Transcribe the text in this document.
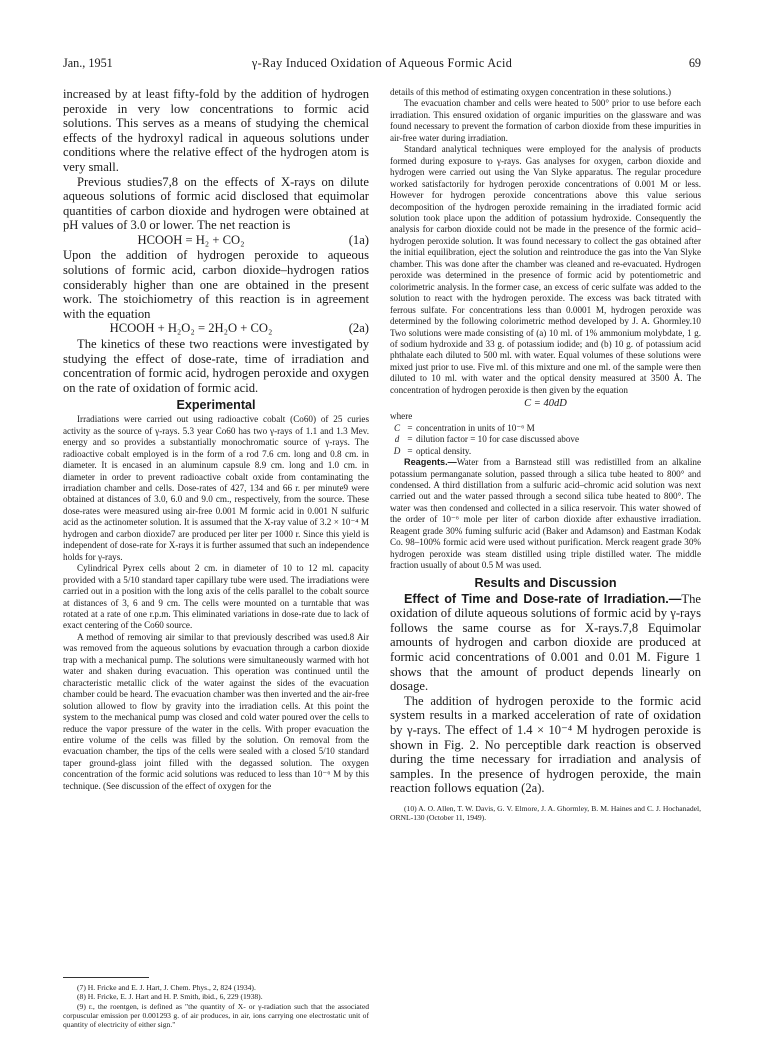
Jan., 1951	γ-Ray Induced Oxidation of Aqueous Formic Acid	69

increased by at least fifty-fold by the addition of hydrogen peroxide in very low concentrations to formic acid solutions. This serves as a means of studying the chemical effects of the hydroxyl radical in aqueous solutions under conditions where the relative effect of the hydrogen atom is very small.

Previous studies7,8 on the effects of X-rays on dilute aqueous solutions of formic acid disclosed that equimolar quantities of carbon dioxide and hydrogen were obtained at pH values of 3.0 or lower. The net reaction is

HCOOH = H₂ + CO₂	(1a)

Upon the addition of hydrogen peroxide to aqueous solutions of formic acid, carbon dioxide–hydrogen ratios considerably higher than one are obtained in the present work. The stoichiometry of this reaction is in agreement with the equation

HCOOH + H₂O₂ = 2H₂O + CO₂	(2a)

The kinetics of these two reactions were investigated by studying the effect of dose-rate, time of irradiation and concentration of formic acid, hydrogen peroxide and oxygen on the rate of oxidation of formic acid.

Experimental

Irradiations were carried out using radioactive cobalt (Co60) of 25 curies activity as the source of γ-rays. 5.3 year Co60 has two γ-rays of 1.1 and 1.3 Mev. energy and so provides a substantially monochromatic source of γ-rays. The radioactive cobalt employed is in the form of a rod 7.6 cm. long and 0.8 cm. in diameter. It is encased in an aluminum capsule 8.9 cm. long and 1.0 cm. in diameter in order to prevent radioactive cobalt oxide from contaminating the irradiation chamber and cells. Dose-rates of 427, 134 and 66 r. per minute9 were obtained at distances of 3.0, 6.0 and 9.0 cm., respectively, from the source. These dose-rates were measured using air-free 0.001 M formic acid in 0.001 N sulfuric acid as the actinometer solution. It is assumed that the X-ray value of 3.2 × 10⁻⁴ M hydrogen and carbon dioxide7 are produced per liter per 1000 r. Since this yield is independent of dose-rate for X-rays it is further assumed that such an independence holds for γ-rays.

Cylindrical Pyrex cells about 2 cm. in diameter of 10 to 12 ml. capacity provided with a 5/10 standard taper capillary tube were used. The irradiations were carried out in a position with the long axis of the cells parallel to the cobalt source at distances of 3, 6 and 9 cm. The cells were mounted on a turntable that was rotated at a rate of one r.p.m. This eliminated variations in dose-rate due to lack of exact centering of the Co60 source.

A method of removing air similar to that previously described was used.8 Air was removed from the aqueous solutions by evacuation through a carbon dioxide trap with a mechanical pump. The solutions were simultaneously warmed with hot water and shaken during evacuation. This operation was continued until the characteristic metallic click of the water against the sides of the evacuation chamber could be heard. The evacuation chamber was then inverted and the air-free solution allowed to flow by gravity into the irradiation cells. At this point the system to the mechanical pump was closed and cold water poured over the cells to reduce the vapor pressure of the water in the cells. With proper evacuation the entire volume of the cells was filled by the solution. On removal from the evacuation chamber, the tips of the cells were sealed with a closed 5/10 standard taper ground-glass joint filled with the degassed solution. The oxygen concentration of the formic acid solutions was reduced to less than 10⁻⁶ M by this technique. (See discussion of the effect of oxygen for the

(7) H. Fricke and E. J. Hart, J. Chem. Phys., 2, 824 (1934).

(8) H. Fricke, E. J. Hart and H. P. Smith, ibid., 6, 229 (1938).

(9) r., the roentgen, is defined as "the quantity of X- or γ-radiation such that the associated corpuscular emission per 0.001293 g. of air produces, in air, ions carrying one electrostatic unit of quantity of electricity of either sign."

details of this method of estimating oxygen concentration in these solutions.)

The evacuation chamber and cells were heated to 500° prior to use before each irradiation. This ensured oxidation of organic impurities on the glassware and was found necessary to prevent the formation of carbon dioxide from these impurities in air-free water during irradiation.

Standard analytical techniques were employed for the analysis of products formed during exposure to γ-rays. Gas analyses for oxygen, carbon dioxide and hydrogen were carried out using the Van Slyke apparatus. The regular procedure worked satisfactorily for hydrogen peroxide concentrations of 0.001 M or less. However for hydrogen peroxide concentrations above this value serious decomposition of the hydrogen peroxide remaining in the irradiated formic acid solution took place upon the addition of potassium hydroxide. Consequently the analysis for carbon dioxide could not be made in the presence of the formic acid–hydrogen peroxide solution. It was found necessary to collect the gas obtained after the initial equilibration, eject the solution and reintroduce the gas into the Van Slyke chamber. This was done after the chamber was cleaned and re-evacuated. Hydrogen peroxide was determined in the presence of formic acid by potentiometric and colorimetric analysis. In the former case, an excess of ceric sulfate was added to the solution to react with the hydrogen peroxide. The excess was back titrated with ferrous sulfate. For concentrations less than 0.0001 M, hydrogen peroxide was determined by the following colorimetric method developed by J. A. Ghormley.10 Two solutions were made consisting of (a) 10 ml. of 1% ammonium molybdate, 1 g. of sodium hydroxide and 33 g. of potassium iodide; and (b) 10 g. of potassium acid phthalate each diluted to 500 ml. with water. Equal volumes of these solutions were mixed just prior to use. Five ml. of this mixture and one ml. of the sample were then diluted to 10 ml. with water and the optical density measured at 3500 Å. The concentration of hydrogen peroxide is then given by the equation

C = 40dD

where

C = concentration in units of 10⁻⁶ M
d = dilution factor = 10 for case discussed above
D = optical density.

Reagents.—Water from a Barnstead still was redistilled from an alkaline potassium permanganate solution, passed through a silica tube heated to 800° and condensed. A third distillation from a sulfuric acid–chromic acid solution was next carried out and the water passed through a second silica tube heated to 800°. The water was then condensed and collected in a silica reservoir. This water showed of the order of 10⁻⁶ mole per liter of carbon dioxide after exhaustive irradiation. Reagent grade 30% fuming sulfuric acid (Baker and Adamson) and Eastman Kodak Co. 98–100% formic acid were used without purification. Merck reagent grade 30% hydrogen peroxide was steam distilled using triple distilled water. The middle fraction usually of about 0.5 M was used.

Results and Discussion

Effect of Time and Dose-rate of Irradiation.—The oxidation of dilute aqueous solutions of formic acid by γ-rays follows the same course as for X-rays.7,8 Equimolar amounts of hydrogen and carbon dioxide are produced at formic acid concentrations of 0.001 and 0.01 M. Figure 1 shows that the amount of product depends linearly on dosage.

The addition of hydrogen peroxide to the formic acid system results in a marked acceleration of rate of oxidation by γ-rays. The effect of 1.4 × 10⁻⁴ M hydrogen peroxide is shown in Fig. 2. No perceptible dark reaction is observed during the time necessary for irradiation and analysis of samples. In the presence of hydrogen peroxide, the main reaction follows equation (2a).

(10) A. O. Allen, T. W. Davis, G. V. Elmore, J. A. Ghormley, B. M. Haines and C. J. Hochanadel, ORNL-130 (October 11, 1949).
